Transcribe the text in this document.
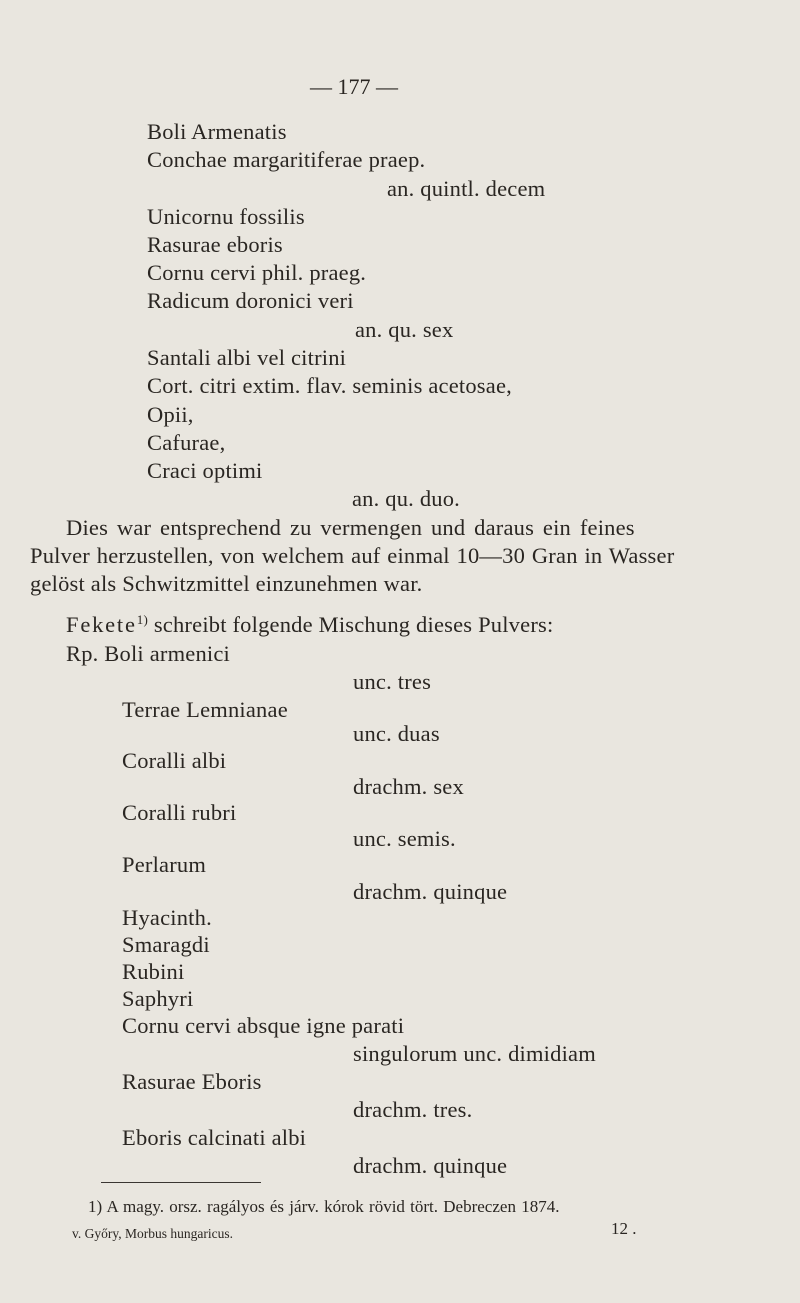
— 177 —
Boli Armenatis
Conchae margaritiferae praep.
an. quintl. decem
Unicornu fossilis
Rasurae eboris
Cornu cervi phil. praeg.
Radicum doronici veri
an. qu. sex
Santali albi vel citrini
Cort. citri extim. flav. seminis acetosae,
Opii,
Cafurae,
Craci optimi
an. qu. duo.
Dies war entsprechend zu vermengen und daraus ein feines
Pulver herzustellen, von welchem auf einmal 10—30 Gran in Wasser
gelöst als Schwitzmittel einzunehmen war.
Fekete$^{1)}$ schreibt folgende Mischung dieses Pulvers:
Rp. Boli armenici
unc. tres
Terrae Lemnianae
unc. duas
Coralli albi
drachm. sex
Coralli rubri
unc. semis.
Perlarum
drachm. quinque
Hyacinth.
Smaragdi
Rubini
Saphyri
Cornu cervi absque igne parati
singulorum unc. dimidiam
Rasurae Eboris
drachm. tres.
Eboris calcinati albi
drachm. quinque
1) A magy. orsz. ragályos és járv. kórok rövid tört. Debreczen 1874.
v. Győry, Morbus hungaricus.	12 .
